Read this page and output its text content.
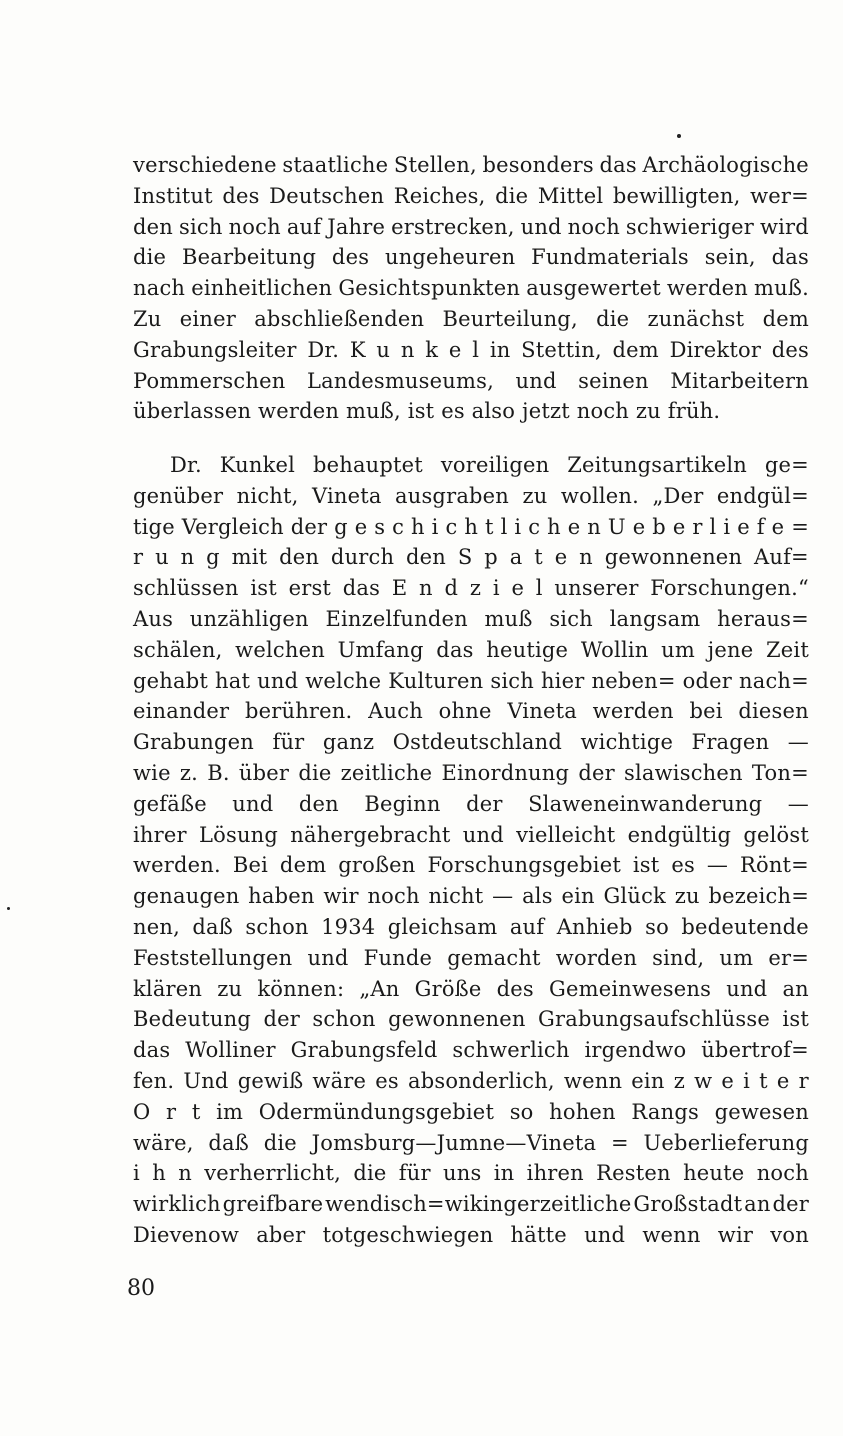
verschiedene staatliche Stellen, besonders das Archäologische
Institut des Deutschen Reiches, die Mittel bewilligten, wer=
den sich noch auf Jahre erstrecken, und noch schwieriger wird
die Bearbeitung des ungeheuren Fundmaterials sein, das
nach einheitlichen Gesichtspunkten ausgewertet werden muß.
Zu einer abschließenden Beurteilung, die zunächst dem
Grabungsleiter Dr. K u n k e l in Stettin, dem Direktor des
Pommerschen Landesmuseums, und seinen Mitarbeitern
überlassen werden muß, ist es also jetzt noch zu früh.
Dr. Kunkel behauptet voreiligen Zeitungsartikeln ge=
genüber nicht, Vineta ausgraben zu wollen. „Der endgül=
tige Vergleich der g e s c h i c h t l i c h e n U e b e r l i e f e =
r u n g mit den durch den S p a t e n gewonnenen Auf=
schlüssen ist erst das E n d z i e l unserer Forschungen.“
Aus unzähligen Einzelfunden muß sich langsam heraus=
schälen, welchen Umfang das heutige Wollin um jene Zeit
gehabt hat und welche Kulturen sich hier neben= oder nach=
einander berühren. Auch ohne Vineta werden bei diesen
Grabungen für ganz Ostdeutschland wichtige Fragen —
wie z. B. über die zeitliche Einordnung der slawischen Ton=
gefäße und den Beginn der Slaweneinwanderung —
ihrer Lösung nähergebracht und vielleicht endgültig gelöst
werden. Bei dem großen Forschungsgebiet ist es — Rönt=
genaugen haben wir noch nicht — als ein Glück zu bezeich=
nen, daß schon 1934 gleichsam auf Anhieb so bedeutende
Feststellungen und Funde gemacht worden sind, um er=
klären zu können: „An Größe des Gemeinwesens und an
Bedeutung der schon gewonnenen Grabungsaufschlüsse ist
das Wolliner Grabungsfeld schwerlich irgendwo übertrof=
fen. Und gewiß wäre es absonderlich, wenn ein z w e i t e r
O r t im Odermündungsgebiet so hohen Rangs gewesen
wäre, daß die Jomsburg—Jumne—Vineta = Ueberlieferung
i h n verherrlicht, die für uns in ihren Resten heute noch
wirklich greifbare wendisch=wikingerzeitliche Großstadt an der
Dievenow aber totgeschwiegen hätte und wenn wir von
80
